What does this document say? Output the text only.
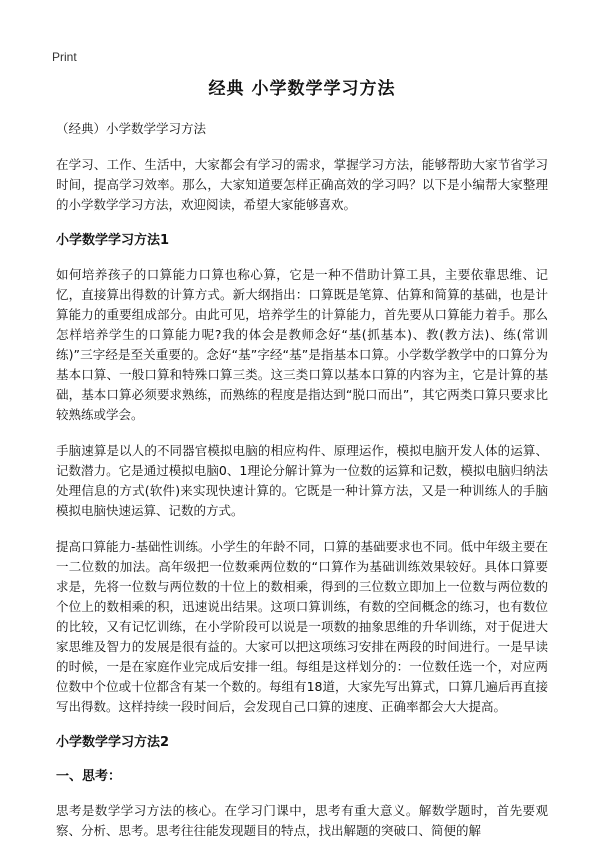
Print
经典 小学数学学习方法

（经典）小学数学学习方法

在学习、工作、生活中，大家都会有学习的需求，掌握学习方法，能够帮助大家节省学习时间，提高学习效率。那么，大家知道要怎样正确高效的学习吗？以下是小编帮大家整理的小学数学学习方法，欢迎阅读，希望大家能够喜欢。

小学数学学习方法1

如何培养孩子的口算能力口算也称心算，它是一种不借助计算工具，主要依靠思维、记忆，直接算出得数的计算方式。新大纲指出：口算既是笔算、估算和简算的基础，也是计算能力的重要组成部分。由此可见，培养学生的计算能力，首先要从口算能力着手。那么怎样培养学生的口算能力呢?我的体会是教师念好“基(抓基本)、教(教方法)、练(常训练)”三字经是至关重要的。念好“基”字经“基”是指基本口算。小学数学教学中的口算分为基本口算、一般口算和特殊口算三类。这三类口算以基本口算的内容为主，它是计算的基础，基本口算必须要求熟练，而熟练的程度是指达到“脱口而出”，其它两类口算只要求比较熟练或学会。

手脑速算是以人的不同器官模拟电脑的相应构件、原理运作，模拟电脑开发人体的运算、记数潜力。它是通过模拟电脑0、1理论分解计算为一位数的运算和记数，模拟电脑归纳法处理信息的方式(软件)来实现快速计算的。它既是一种计算方法，又是一种训练人的手脑模拟电脑快速运算、记数的方式。

提高口算能力-基础性训练。小学生的年龄不同，口算的基础要求也不同。低中年级主要在一二位数的加法。高年级把一位数乘两位数的“口算作为基础训练效果较好。具体口算要求是，先将一位数与两位数的十位上的数相乘，得到的三位数立即加上一位数与两位数的个位上的数相乘的积，迅速说出结果。这项口算训练，有数的空间概念的练习，也有数位的比较，又有记忆训练，在小学阶段可以说是一项数的抽象思维的升华训练，对于促进大家思维及智力的发展是很有益的。大家可以把这项练习安排在两段的时间进行。一是早读的时候，一是在家庭作业完成后安排一组。每组是这样划分的：一位数任选一个，对应两位数中个位或十位都含有某一个数的。每组有18道，大家先写出算式，口算几遍后再直接写出得数。这样持续一段时间后，会发现自己口算的速度、正确率都会大大提高。

小学数学学习方法2
一、思考：

思考是数学学习方法的核心。在学习门课中，思考有重大意义。解数学题时，首先要观察、分析、思考。思考往往能发现题目的特点，找出解题的突破口、简便的解
